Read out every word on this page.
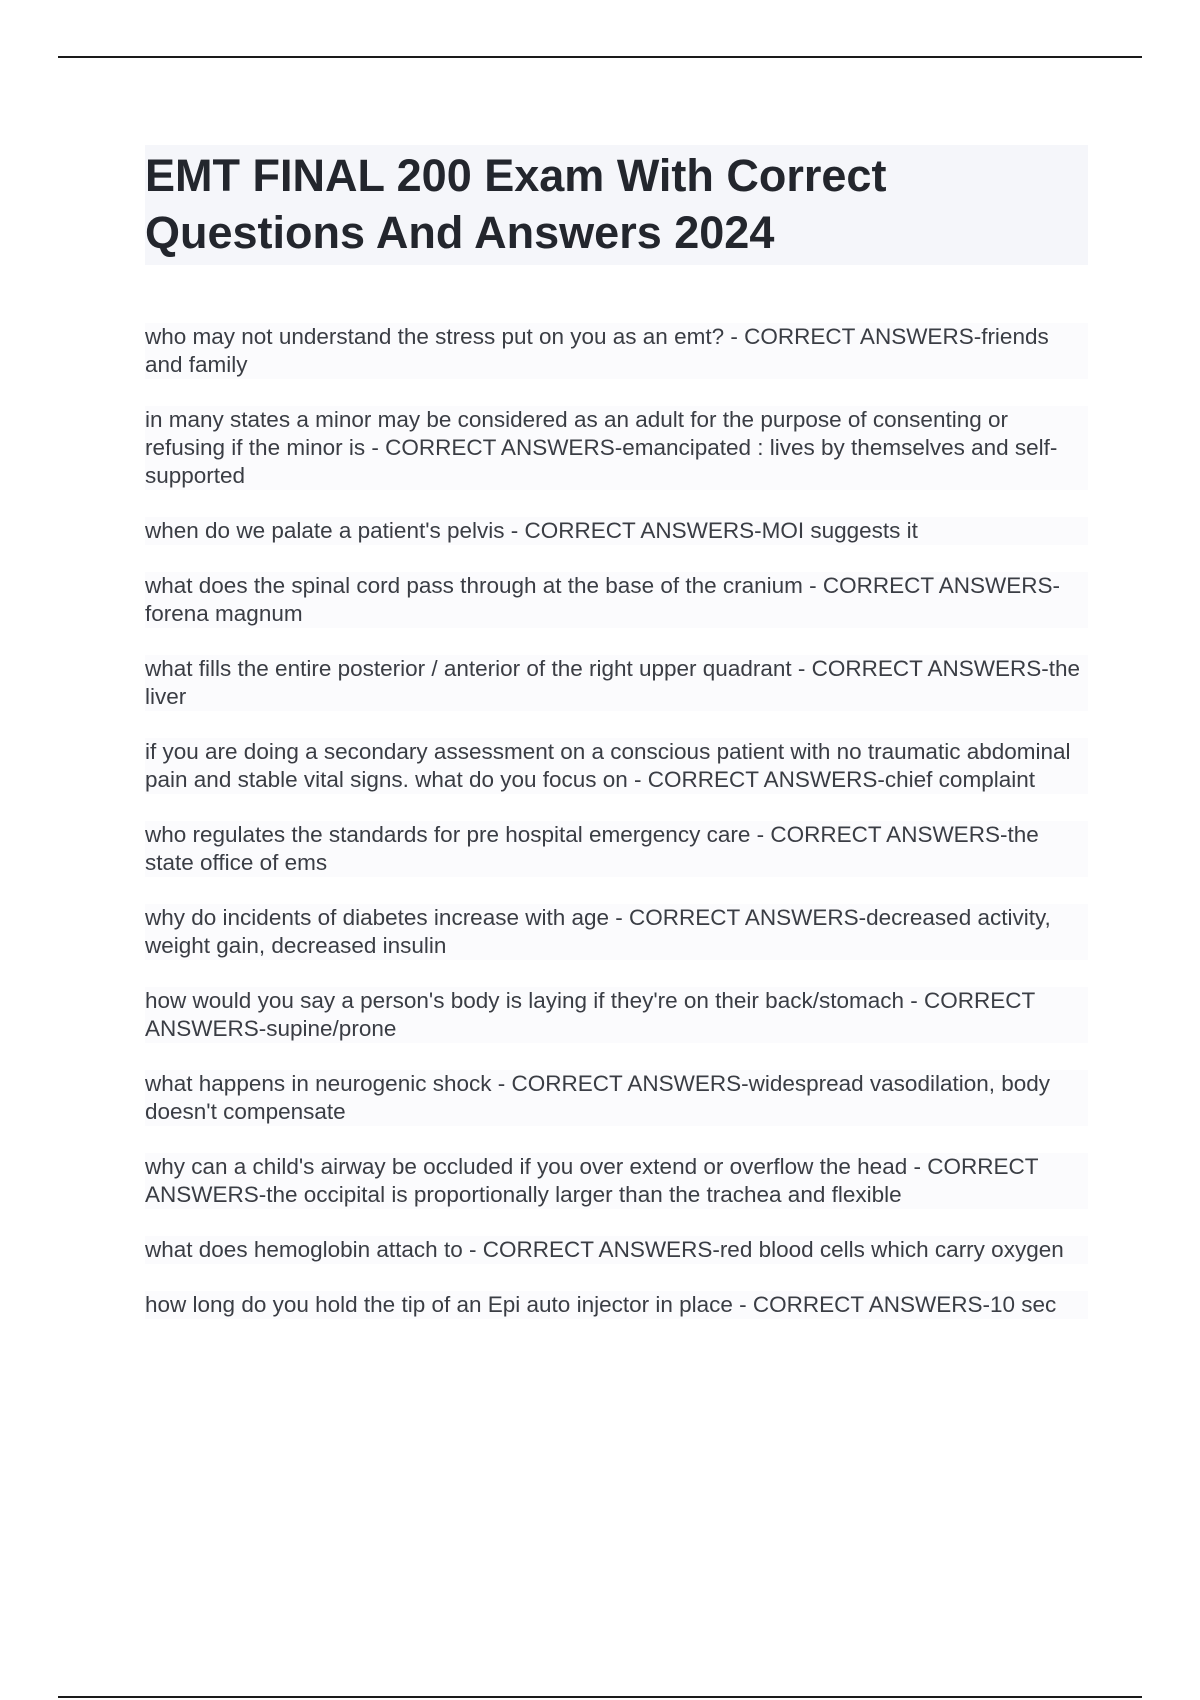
EMT FINAL 200 Exam With Correct Questions And Answers 2024
who may not understand the stress put on you as an emt? - CORRECT ANSWERS-friends and family
in many states a minor may be considered as an adult for the purpose of consenting or refusing if the minor is - CORRECT ANSWERS-emancipated : lives by themselves and self- supported
when do we palate a patient's pelvis - CORRECT ANSWERS-MOI suggests it
what does the spinal cord pass through at the base of the cranium - CORRECT ANSWERS-forena magnum
what fills the entire posterior / anterior of the right upper quadrant - CORRECT ANSWERS-the liver
if you are doing a secondary assessment on a conscious patient with no traumatic abdominal pain and stable vital signs. what do you focus on - CORRECT ANSWERS-chief complaint
who regulates the standards for pre hospital emergency care - CORRECT ANSWERS-the state office of ems
why do incidents of diabetes increase with age - CORRECT ANSWERS-decreased activity, weight gain, decreased insulin
how would you say a person's body is laying if they're on their back/stomach - CORRECT ANSWERS-supine/prone
what happens in neurogenic shock - CORRECT ANSWERS-widespread vasodilation, body doesn't compensate
why can a child's airway be occluded if you over extend or overflow the head - CORRECT ANSWERS-the occipital is proportionally larger than the trachea and flexible
what does hemoglobin attach to - CORRECT ANSWERS-red blood cells which carry oxygen
how long do you hold the tip of an Epi auto injector in place - CORRECT ANSWERS-10 sec
